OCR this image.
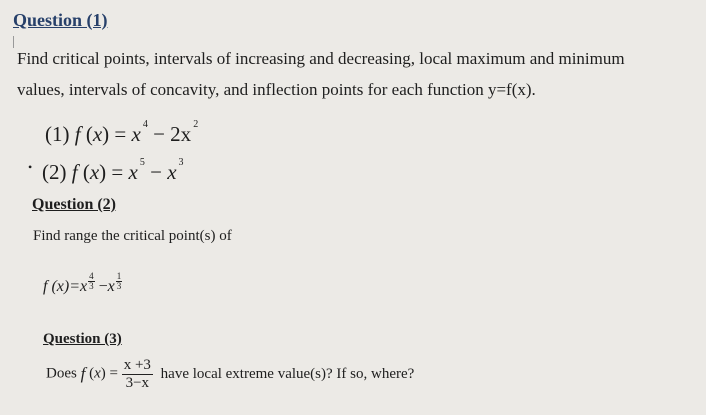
Question (1)
Find critical points, intervals of increasing and decreasing, local maximum and minimum
values, intervals of concavity, and inflection points for each function y=f(x).
(1) f (x) = x $^4$ − 2x $^2$
• (2) f (x) = x $^5$ − x $^3$
Question (2)
Find range the critical point(s) of
f $(x)=x \frac{4}{3} -x \frac{1}{3}$
Question (3)
Does f $(x) = \frac{x +3}{3-x}$ have local extreme value(s)? If so, where?
